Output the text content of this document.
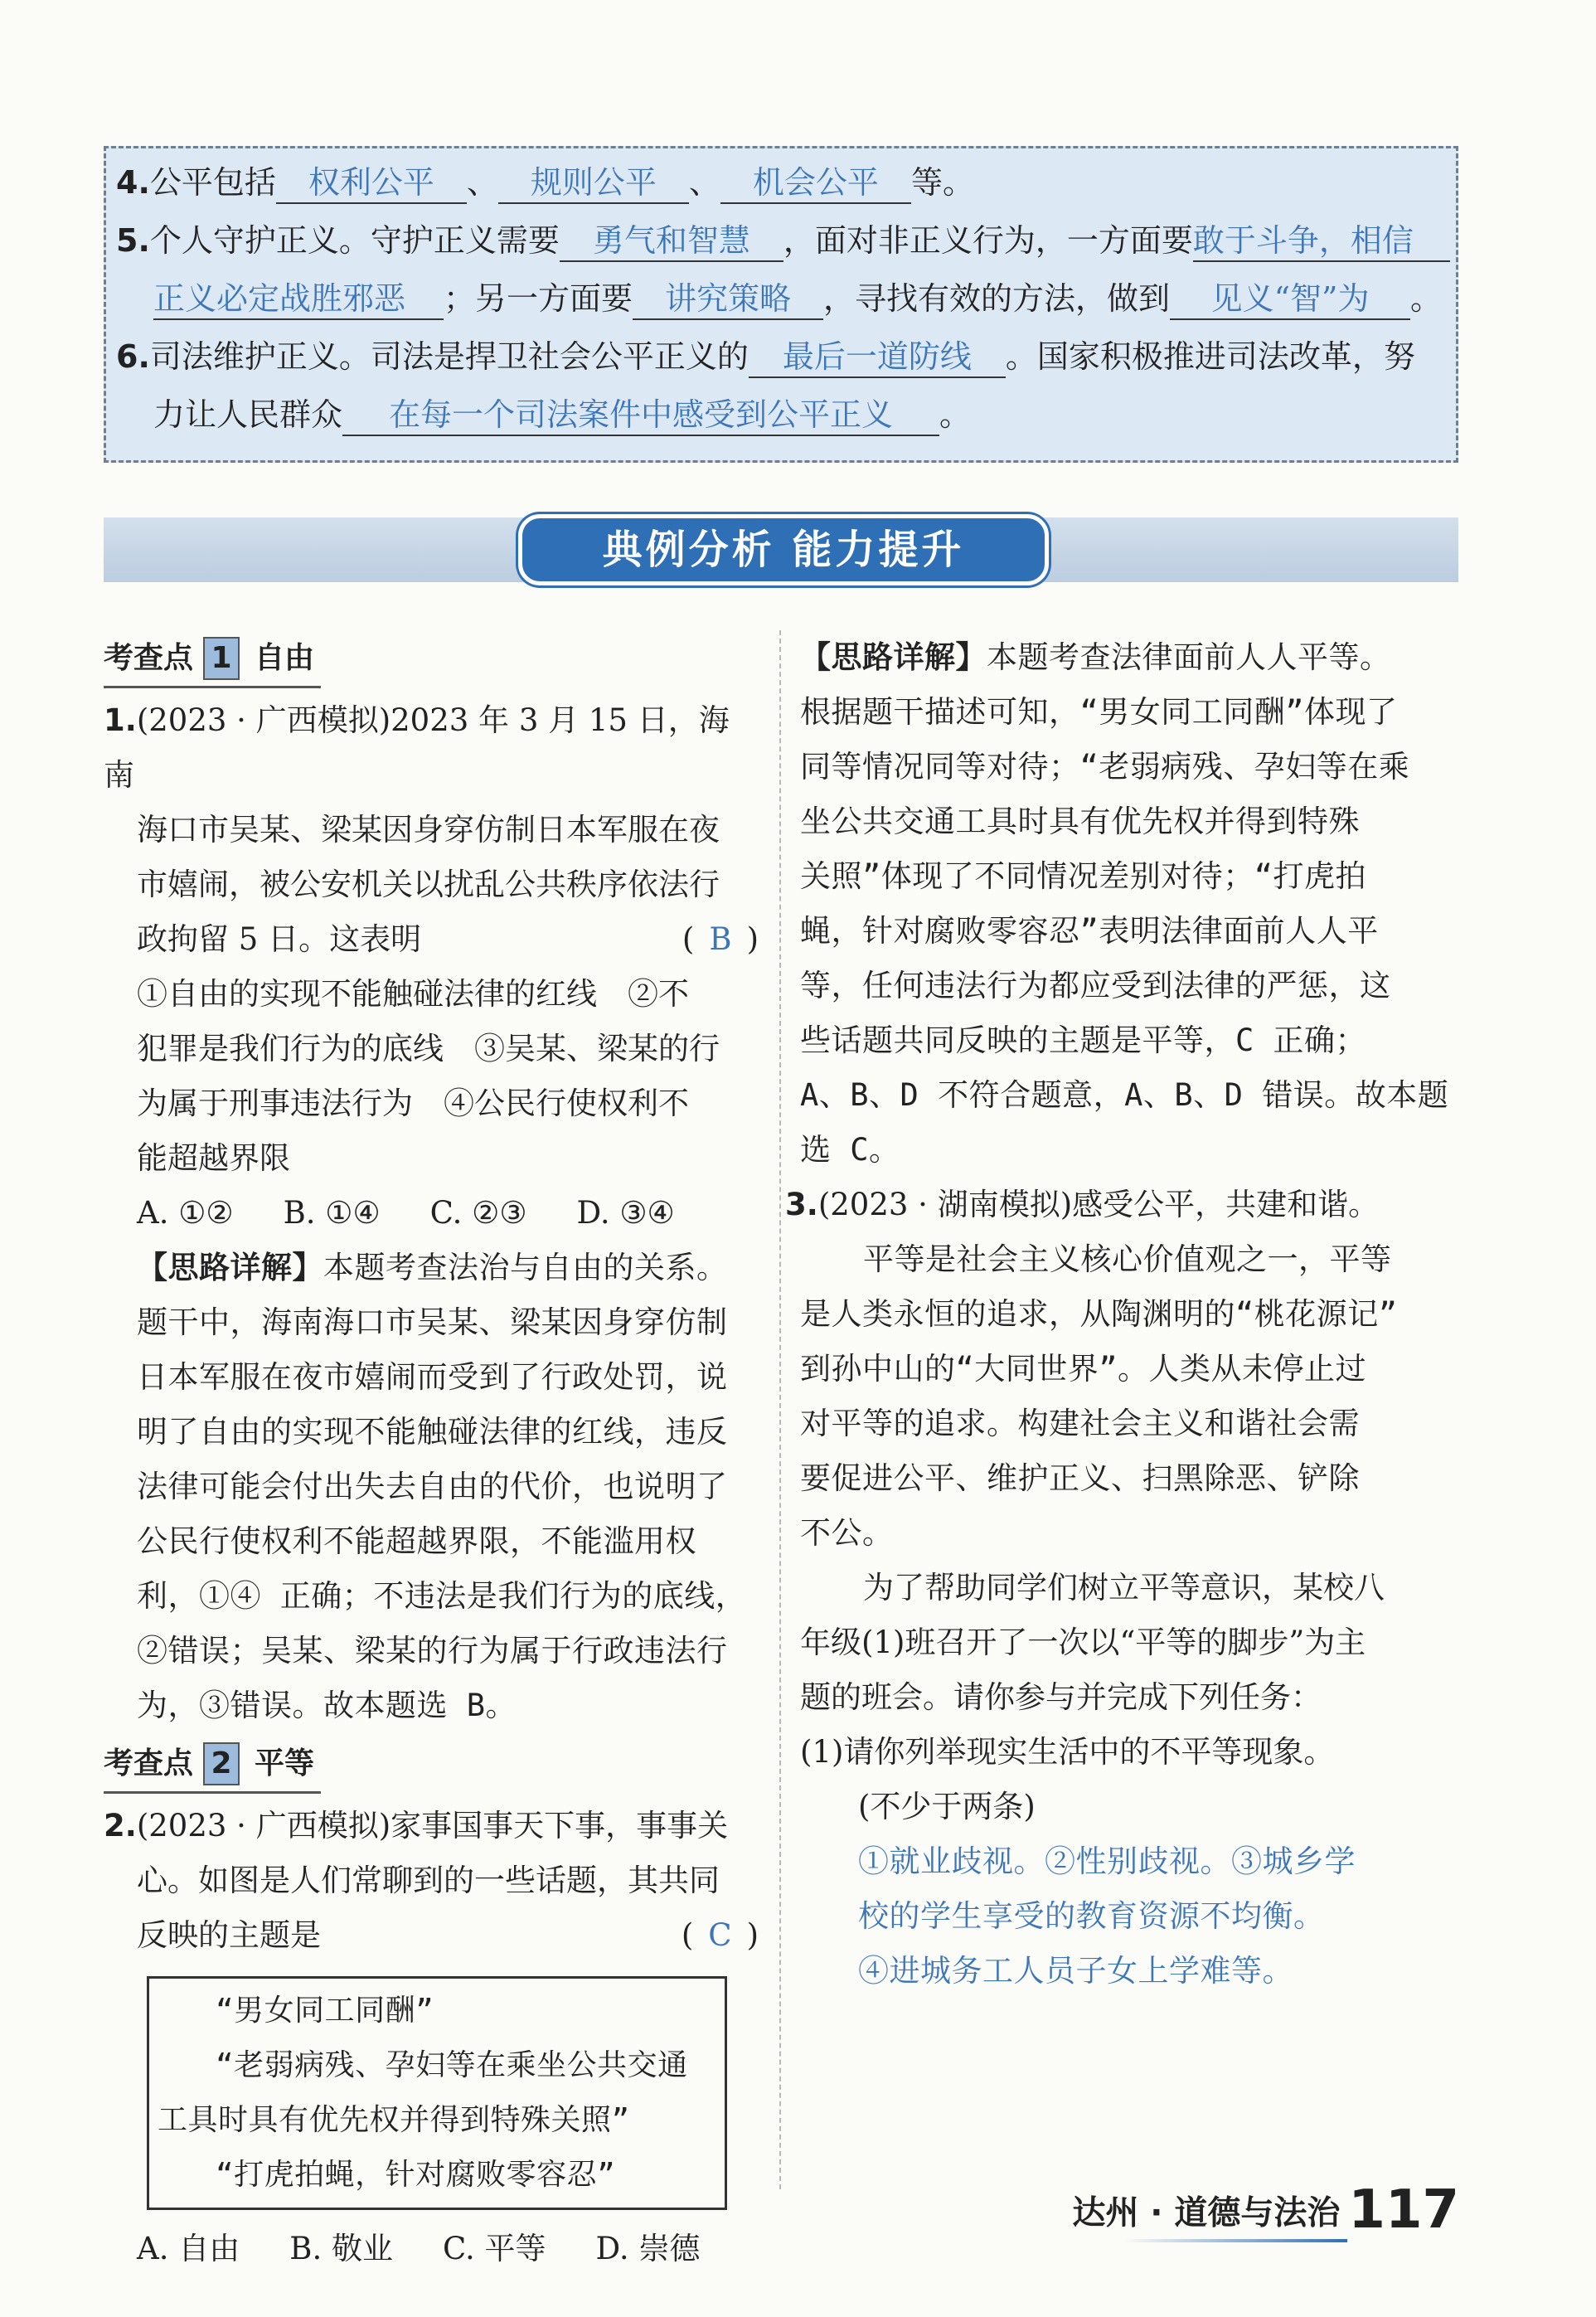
4.公平包括 权利公平 、 规则公平 、 机会公平 等。
5.个人守护正义。守护正义需要 勇气和智慧 ，面对非正义行为，一方面要敢于斗争，相信
正义必定战胜邪恶 ；另一方面要 讲究策略 ，寻找有效的方法，做到 见义“智”为 。
6.司法维护正义。司法是捍卫社会公平正义的 最后一道防线 。国家积极推进司法改革，努
力让人民群众 在每一个司法案件中感受到公平正义 。
典例分析 能力提升
考查点 1 自由
1.(2023 · 广西模拟)2023 年 3 月 15 日，海南
海口市吴某、梁某因身穿仿制日本军服在夜
市嬉闹，被公安机关以扰乱公共秩序依法行
政拘留 5 日。这表明	( B )
①自由的实现不能触碰法律的红线　②不
犯罪是我们行为的底线　③吴某、梁某的行
为属于刑事违法行为　④公民行使权利不
能超越界限
A. ①② B. ①④ C. ②③ D. ③④
【思路详解】本题考查法治与自由的关系。
题干中，海南海口市吴某、梁某因身穿仿制
日本军服在夜市嬉闹而受到了行政处罚，说
明了自由的实现不能触碰法律的红线，违反
法律可能会付出失去自由的代价，也说明了
公民行使权利不能超越界限，不能滥用权
利，①④ 正确；不违法是我们行为的底线，
②错误；吴某、梁某的行为属于行政违法行
为，③错误。故本题选 B。
考查点 2 平等
2.(2023 · 广西模拟)家事国事天下事，事事关
心。如图是人们常聊到的一些话题，其共同
反映的主题是	( C )
“男女同工同酬”
“老弱病残、孕妇等在乘坐公共交通
工具时具有优先权并得到特殊关照”
“打虎拍蝇，针对腐败零容忍”
A. 自由 B. 敬业 C. 平等 D. 崇德
【思路详解】本题考查法律面前人人平等。
根据题干描述可知，“男女同工同酬”体现了
同等情况同等对待；“老弱病残、孕妇等在乘
坐公共交通工具时具有优先权并得到特殊
关照”体现了不同情况差别对待；“打虎拍
蝇，针对腐败零容忍”表明法律面前人人平
等，任何违法行为都应受到法律的严惩，这
些话题共同反映的主题是平等，C 正确；
A、B、D 不符合题意，A、B、D 错误。故本题
选 C。
3.(2023 · 湖南模拟)感受公平，共建和谐。
平等是社会主义核心价值观之一，平等
是人类永恒的追求，从陶渊明的“桃花源记”
到孙中山的“大同世界”。人类从未停止过
对平等的追求。构建社会主义和谐社会需
要促进公平、维护正义、扫黑除恶、铲除
不公。
为了帮助同学们树立平等意识，某校八
年级(1)班召开了一次以“平等的脚步”为主
题的班会。请你参与并完成下列任务：
(1)请你列举现实生活中的不平等现象。
(不少于两条)
①就业歧视。②性别歧视。③城乡学
校的学生享受的教育资源不均衡。
④进城务工人员子女上学难等。
达州 · 道德与法治 117
